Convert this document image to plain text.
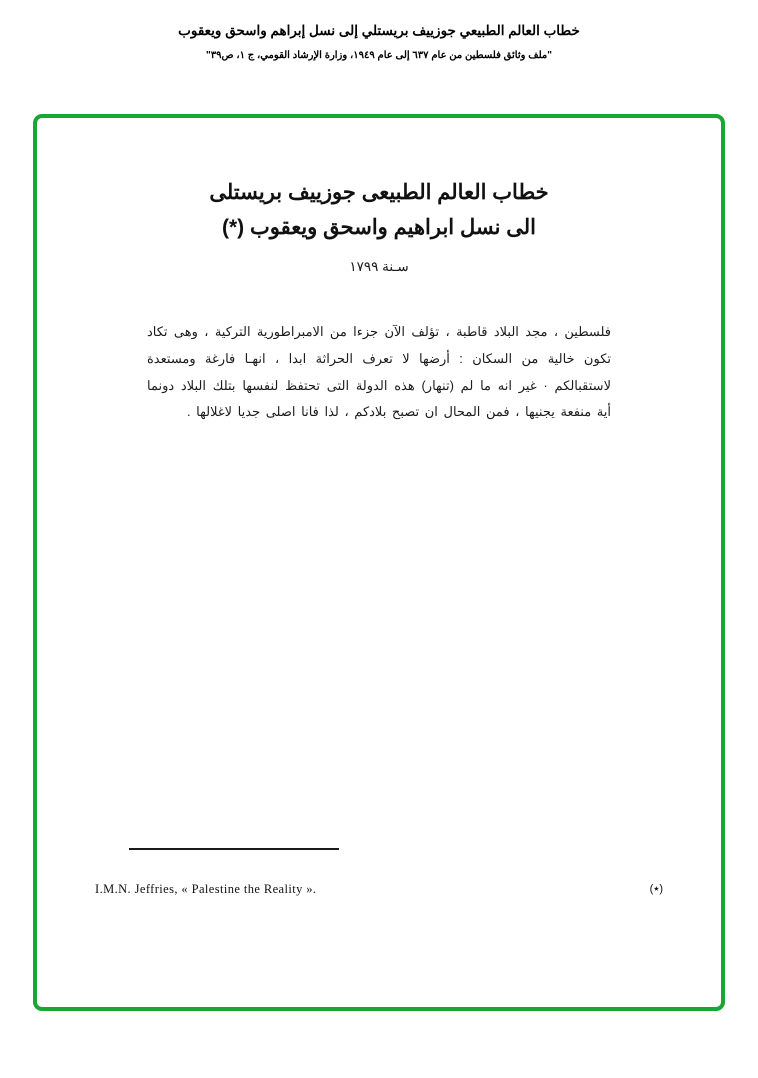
خطاب العالم الطبيعي جوزييف بريستلي إلى نسل إبراهم واسحق ويعقوب
"ملف وثائق فلسطين من عام ٦٣٧ إلى عام ١٩٤٩، وزارة الإرشاد القومي، ج ١، ص٣٩"
خطاب العالم الطبيعى جوزييف بريستلى
الى نسل ابراهيم واسحق ويعقوب (*)
سـنة ١٧٩٩
فلسطين ، مجد البلاد قاطبة ، تؤلف الآن جزءا من الامبراطورية التركية ، وهى تكاد تكون خالية من السكان : أرضها لا تعرف الحراثة ابدا ، انهـا فارغة ومستعدة لاستقبالكم · غير انه ما لم (تنهار) هذه الدولة التى تحتفظ لنفسها بتلك البلاد دونما أية منفعة يجنيها ، فمن المحال ان تصبح بلادكم ، لذا فانا اصلى جديا لاغلالها .
I.M.N. Jeffries, « Palestine the Reality ».	(٭)
